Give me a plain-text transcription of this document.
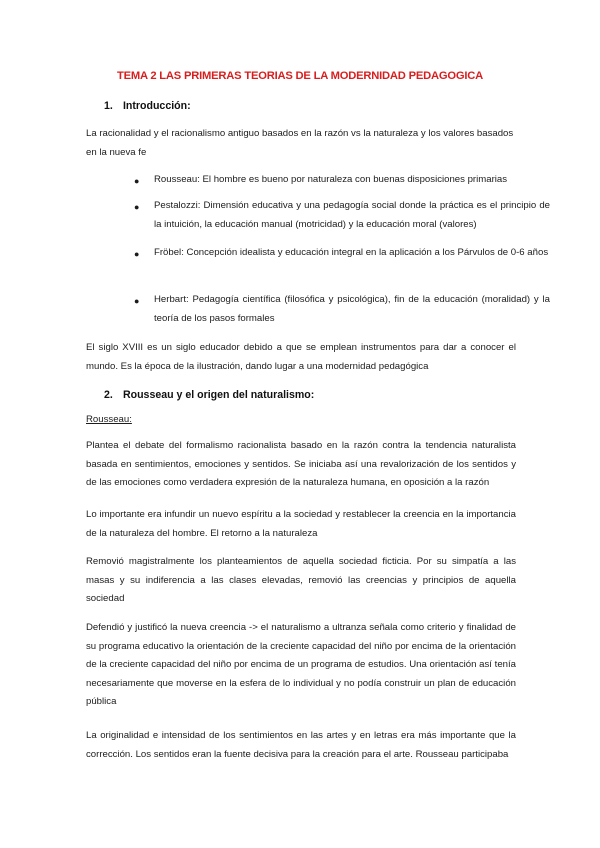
TEMA 2 LAS PRIMERAS TEORIAS DE LA MODERNIDAD PEDAGOGICA
1. Introducción:
La racionalidad y el racionalismo antiguo basados en la razón vs la naturaleza y los valores basados en la nueva fe
● Rousseau: El hombre es bueno por naturaleza con buenas disposiciones primarias
● Pestalozzi: Dimensión educativa y una pedagogía social donde la práctica es el principio de la intuición, la educación manual (motricidad) y la educación moral (valores)
● Fröbel: Concepción idealista y educación integral en la aplicación a los Párvulos de 0-6 años
● Herbart: Pedagogía científica (filosófica y psicológica), fin de la educación (moralidad) y la teoría de los pasos formales
El siglo XVIII es un siglo educador debido a que se emplean instrumentos para dar a conocer el mundo. Es la época de la ilustración, dando lugar a una modernidad pedagógica
2. Rousseau y el origen del naturalismo:
Rousseau:
Plantea el debate del formalismo racionalista basado en la razón contra la tendencia naturalista basada en sentimientos, emociones y sentidos. Se iniciaba así una revalorización de los sentidos y de las emociones como verdadera expresión de la naturaleza humana, en oposición a la razón
Lo importante era infundir un nuevo espíritu a la sociedad y restablecer la creencia en la importancia de la naturaleza del hombre. El retorno a la naturaleza
Removió magistralmente los planteamientos de aquella sociedad ficticia. Por su simpatía a las masas y su indiferencia a las clases elevadas, removió las creencias y principios de aquella sociedad
Defendió y justificó la nueva creencia -> el naturalismo a ultranza señala como criterio y finalidad de su programa educativo la orientación de la creciente capacidad del niño por encima de la orientación de la creciente capacidad del niño por encima de un programa de estudios. Una orientación así tenía necesariamente que moverse en la esfera de lo individual y no podía construir un plan de educación pública
La originalidad e intensidad de los sentimientos en las artes y en letras era más importante que la corrección. Los sentidos eran la fuente decisiva para la creación para el arte. Rousseau participaba
